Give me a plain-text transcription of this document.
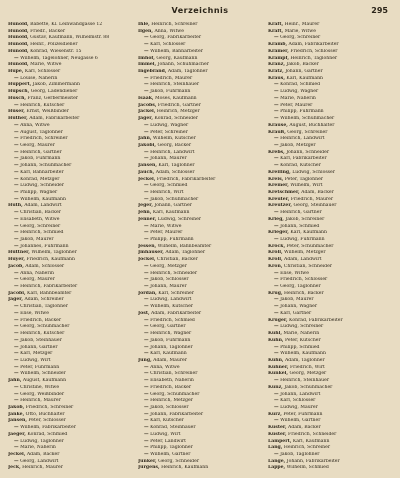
Verzeichnis	295
Hunold, Babette, Kl. Leinwandgasse 12
Hunold, Friedr., Bäcker
Hunold, Gustav, Kaufmann, Wilhelmstr. 88
Hunold, Heinr., Polizeidiener
Hunold, Konrad, Wiesenstr. 15
— Wilhelm, Tagelöhner, Neugasse 6
Hunold, Marie, Witwe
Hupe, Karl, Schlosser
— Louise, Näherin
Huppert, Jakob, Zimmermann
Hüpsch, Georg, Ladendiener
Husch, Franz, Gerbermeister
— Heinrich, Kutscher
Hüser, Ernst, Weißbinder
Hüther, Adam, Fabrikarbeiter
— Anna, Witwe
— August, Taglöhner
— Friedrich, Schreiner
— Georg, Maurer
— Heinrich, Gärtner
— Jakob, Fuhrmann
— Johann, Schuhmacher
— Karl, Bahnarbeiter
— Konrad, Metzger
— Ludwig, Schneider
— Philipp, Wagner
— Wilhelm, Kaufmann
Huth, Adam, Landwirt
— Christian, Bäcker
— Elisabeth, Witwe
— Georg, Schreiner
— Heinrich, Schmied
— Jakob, Maurer
— Johannes, Fuhrmann
Hüttner, Wilhelm, Taglöhner
Huyer, Friedrich, Kaufmann
Jacob, Adam, Schlosser
— Anna, Näherin
— Georg, Maurer
— Heinrich, Fabrikarbeiter
Jacobi, Karl, Bahnbeamter
Jäger, Adam, Schreiner
— Christian, Taglöhner
— Elise, Witwe
— Friedrich, Bäcker
— Georg, Schuhmacher
— Heinrich, Kutscher
— Jakob, Steinhauer
— Johann, Gärtner
— Karl, Metzger
— Ludwig, Wirt
— Peter, Fuhrmann
— Wilhelm, Schneider
Jahn, August, Kaufmann
— Christine, Witwe
— Georg, Weißbinder
— Heinrich, Maurer
Jakob, Friedrich, Schreiner
Janke, Otto, Buchhalter
Jansen, Peter, Schlosser
— Wilhelm, Fabrikarbeiter
Jaeger, Konrad, Schmied
— Ludwig, Taglöhner
— Marie, Näherin
Jeckel, Adam, Bäcker
— Georg, Landwirt
Jeck, Heinrich, Maurer
Ihle, Heinrich, Schreiner
Ilgen, Anna, Witwe
— Georg, Fabrikarbeiter
— Karl, Schlosser
— Wilhelm, Bahnarbeiter
Imhof, Georg, Kaufmann
Immel, Johann, Schuhmacher
Ingebrand, Adam, Taglöhner
— Friedrich, Maurer
— Heinrich, Steinhauer
— Jakob, Fuhrmann
Isaak, Moses, Kaufmann
Jacobs, Friedrich, Gärtner
Jäckel, Heinrich, Metzger
Jäger, Konrad, Schneider
— Ludwig, Wagner
— Peter, Schreiner
Jahn, Wilhelm, Kutscher
Jakobi, Georg, Bäcker
— Heinrich, Landwirt
— Johann, Maurer
Jansen, Karl, Taglöhner
Jauch, Adam, Schlosser
Jeckel, Friedrich, Fabrikarbeiter
— Georg, Schmied
— Heinrich, Wirt
— Jakob, Schuhmacher
Jeger, Johann, Gärtner
Jehn, Karl, Kaufmann
Jenner, Ludwig, Schreiner
— Marie, Witwe
— Peter, Maurer
— Philipp, Fuhrmann
Jessen, Wilhelm, Bahnbeamter
Jmhäuser, Adam, Taglöhner
Jockel, Christian, Bäcker
— Georg, Metzger
— Heinrich, Schneider
— Jakob, Schlosser
— Johann, Maurer
Jordan, Karl, Schreiner
— Ludwig, Landwirt
— Wilhelm, Kutscher
Jost, Adam, Fabrikarbeiter
— Friedrich, Schmied
— Georg, Gärtner
— Heinrich, Wagner
— Jakob, Fuhrmann
— Johann, Taglöhner
— Karl, Kaufmann
Jung, Adam, Maurer
— Anna, Witwe
— Christian, Schreiner
— Elisabeth, Näherin
— Friedrich, Bäcker
— Georg, Schuhmacher
— Heinrich, Metzger
— Jakob, Schlosser
— Johann, Fabrikarbeiter
— Karl, Kutscher
— Konrad, Steinhauer
— Ludwig, Wirt
— Peter, Landwirt
— Philipp, Taglöhner
— Wilhelm, Gärtner
Junker, Georg, Schneider
Jürgens, Heinrich, Kaufmann
Kraft, Heinr., Maurer
Kraft, Marie, Witwe
— Georg, Schreiner
Kramb, Adam, Fabrikarbeiter
Krämer, Friedrich, Schlosser
Krampf, Heinrich, Taglöhner
Kranz, Jakob, Bäcker
Kratz, Johann, Gärtner
Kraus, Karl, Kaufmann
— Konrad, Schmied
— Ludwig, Wagner
— Marie, Näherin
— Peter, Maurer
— Philipp, Fuhrmann
— Wilhelm, Schuhmacher
Krause, August, Buchhalter
Krauß, Georg, Schreiner
— Heinrich, Landwirt
— Jakob, Metzger
Krebs, Johann, Schneider
— Karl, Fabrikarbeiter
— Konrad, Kutscher
Kreiling, Ludwig, Schlosser
Kreis, Peter, Taglöhner
Kremer, Wilhelm, Wirt
Kretschmer, Adam, Bäcker
Kreuter, Friedrich, Maurer
Kreutzer, Georg, Steinhauer
— Heinrich, Gärtner
Krieg, Jakob, Schreiner
— Johann, Schmied
Krieger, Karl, Kaufmann
— Ludwig, Fuhrmann
Kröck, Peter, Schuhmacher
Kröll, Wilhelm, Metzger
Kroll, Adam, Landwirt
Kron, Christian, Schneider
— Elise, Witwe
— Friedrich, Schlosser
— Georg, Taglöhner
Krug, Heinrich, Bäcker
— Jakob, Maurer
— Johann, Wagner
— Karl, Gärtner
Krüger, Konrad, Fabrikarbeiter
— Ludwig, Schreiner
Kuhl, Marie, Näherin
Kuhn, Peter, Kutscher
— Philipp, Schmied
— Wilhelm, Kaufmann
Kühn, Adam, Taglöhner
Kühner, Friedrich, Wirt
Kunkel, Georg, Metzger
— Heinrich, Steinhauer
Kunz, Jakob, Schuhmacher
— Johann, Landwirt
— Karl, Schlosser
— Ludwig, Maurer
Kurz, Peter, Fuhrmann
— Wilhelm, Gärtner
Kuster, Adam, Bäcker
Küster, Friedrich, Schneider
Lampert, Karl, Kaufmann
Lang, Heinrich, Schreiner
— Jakob, Taglöhner
Lange, Johann, Fabrikarbeiter
Lappe, Wilhelm, Schmied
